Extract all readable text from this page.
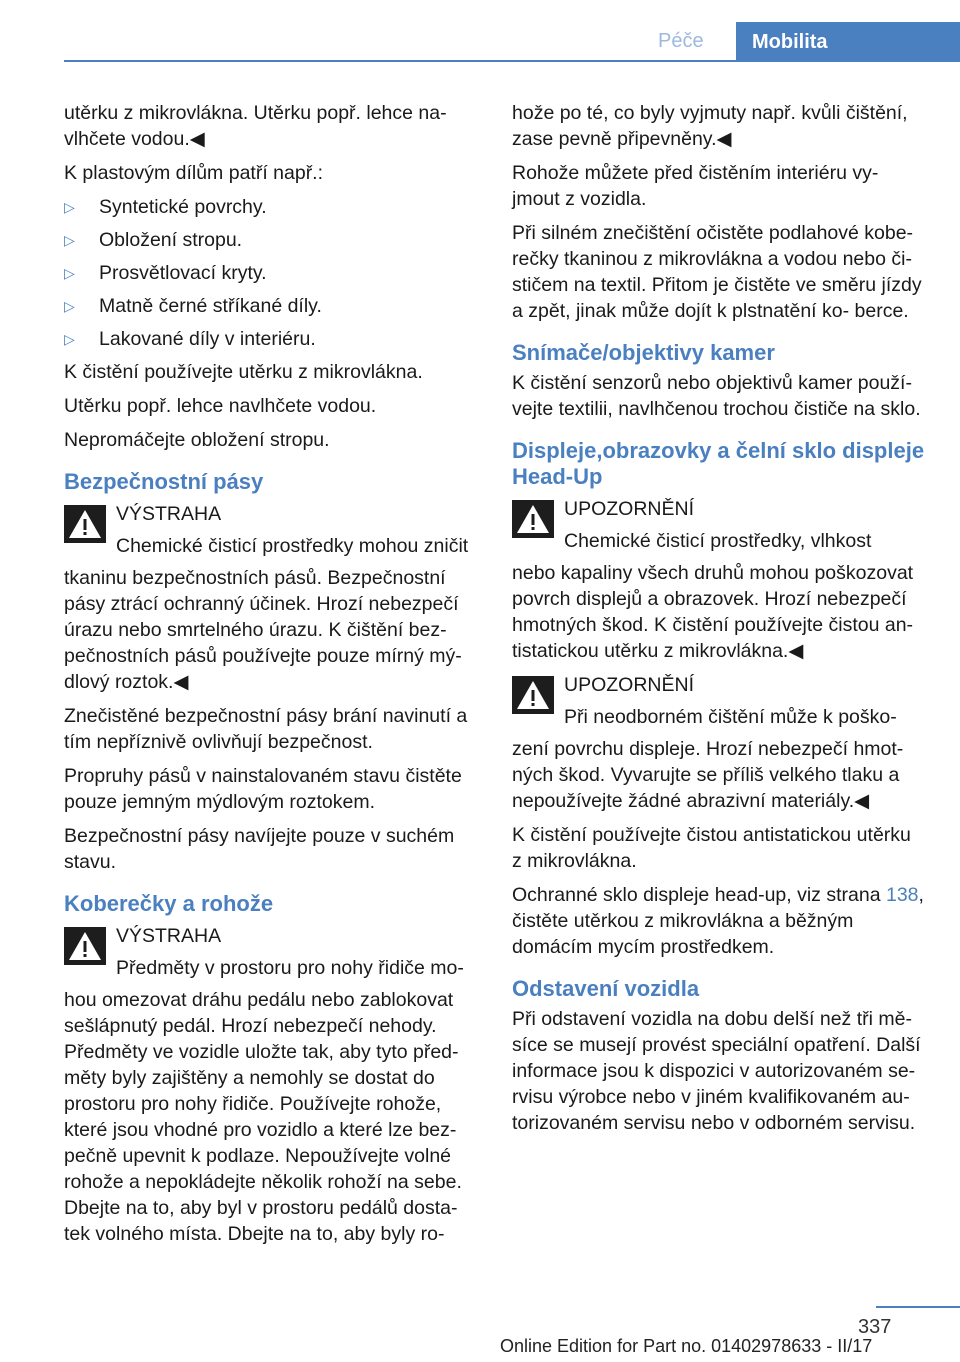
Péče	Mobilita

utěrku z mikrovlákna. Utěrku popř. lehce na‐ vlhčete vodou.◀

K plastovým dílům patří např.:

▷ Syntetické povrchy.
▷ Obložení stropu.
▷ Prosvětlovací kryty.
▷ Matně černé stříkané díly.
▷ Lakované díly v interiéru.

K čistění používejte utěrku z mikrovlákna.

Utěrku popř. lehce navlhčete vodou.

Nepromáčejte obložení stropu.

Bezpečnostní pásy
VÝSTRAHA
Chemické čisticí prostředky mohou zničit
tkaninu bezpečnostních pásů. Bezpečnostní pásy ztrácí ochranný účinek. Hrozí nebezpečí úrazu nebo smrtelného úrazu. K čištění bez‐ pečnostních pásů používejte pouze mírný mý‐ dlový roztok.◀

Znečistěné bezpečnostní pásy brání navinutí a tím nepříznivě ovlivňují bezpečnost.

Propruhy pásů v nainstalovaném stavu čistěte pouze jemným mýdlovým roztokem.

Bezpečnostní pásy navíjejte pouze v suchém stavu.

Koberečky a rohože
VÝSTRAHA
Předměty v prostoru pro nohy řidiče mo‐
hou omezovat dráhu pedálu nebo zablokovat sešlápnutý pedál. Hrozí nebezpečí nehody. Předměty ve vozidle uložte tak, aby tyto před‐ měty byly zajištěny a nemohly se dostat do prostoru pro nohy řidiče. Používejte rohože, které jsou vhodné pro vozidlo a které lze bez‐ pečně upevnit k podlaze. Nepoužívejte volné rohože a nepokládejte několik rohoží na sebe. Dbejte na to, aby byl v prostoru pedálů dosta‐ tek volného místa. Dbejte na to, aby byly ro‐

hože po té, co byly vyjmuty např. kvůli čištění, zase pevně připevněny.◀

Rohože můžete před čistěním interiéru vy‐ jmout z vozidla.

Při silném znečištění očistěte podlahové kobe‐ rečky tkaninou z mikrovlákna a vodou nebo či‐ stičem na textil. Přitom je čistěte ve směru jízdy a zpět, jinak může dojít k plstnatění ko‐ berce.

Snímače/objektivy kamer

K čistění senzorů nebo objektivů kamer použí‐ vejte textilii, navlhčenou trochou čističe na sklo.

Displeje,obrazovky a čelní sklo displeje Head-Up
UPOZORNĚNÍ
Chemické čisticí prostředky, vlhkost
nebo kapaliny všech druhů mohou poškozovat povrch displejů a obrazovek. Hrozí nebezpečí hmotných škod. K čistění používejte čistou an‐ tistatickou utěrku z mikrovlákna.◀
UPOZORNĚNÍ
Při neodborném čištění může k poško‐
zení povrchu displeje. Hrozí nebezpečí hmot‐ ných škod. Vyvarujte se příliš velkého tlaku a nepoužívejte žádné abrazivní materiály.◀

K čistění používejte čistou antistatickou utěrku z mikrovlákna.

Ochranné sklo displeje head-up, viz strana 138, čistěte utěrkou z mikrovlákna a běžným domácím mycím prostředkem.

Odstavení vozidla

Při odstavení vozidla na dobu delší než tři mě‐ síce se musejí provést speciální opatření. Další informace jsou k dispozici v autorizovaném se‐ rvisu výrobce nebo v jiném kvalifikovaném au‐ torizovaném servisu nebo v odborném servisu.

337
Online Edition for Part no. 01402978633 - II/17
